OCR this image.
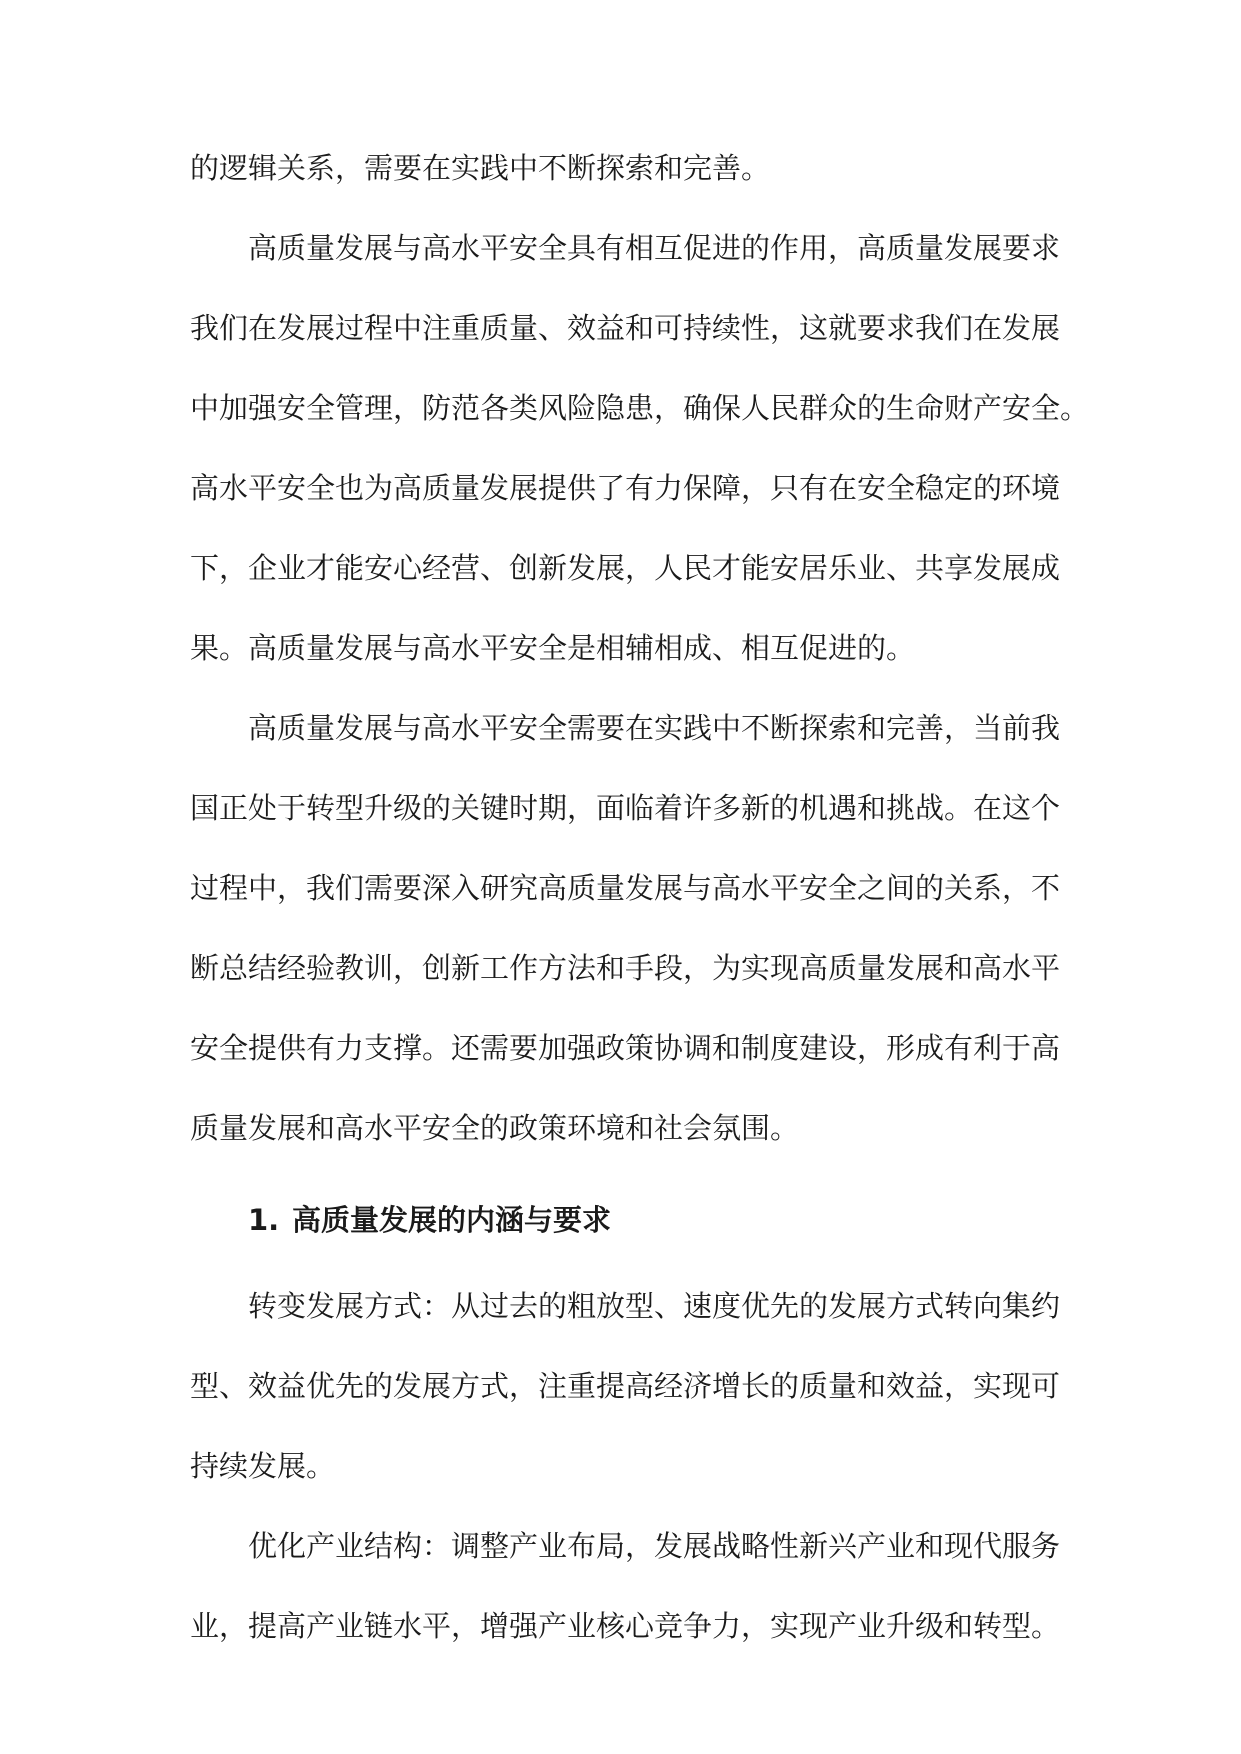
的逻辑关系，需要在实践中不断探索和完善。
高质量发展与高水平安全具有相互促进的作用，高质量发展要求
我们在发展过程中注重质量、效益和可持续性，这就要求我们在发展
中加强安全管理，防范各类风险隐患，确保人民群众的生命财产安全。
高水平安全也为高质量发展提供了有力保障，只有在安全稳定的环境
下，企业才能安心经营、创新发展，人民才能安居乐业、共享发展成
果。高质量发展与高水平安全是相辅相成、相互促进的。
高质量发展与高水平安全需要在实践中不断探索和完善，当前我
国正处于转型升级的关键时期，面临着许多新的机遇和挑战。在这个
过程中，我们需要深入研究高质量发展与高水平安全之间的关系，不
断总结经验教训，创新工作方法和手段，为实现高质量发展和高水平
安全提供有力支撑。还需要加强政策协调和制度建设，形成有利于高
质量发展和高水平安全的政策环境和社会氛围。
1. 高质量发展的内涵与要求
转变发展方式：从过去的粗放型、速度优先的发展方式转向集约
型、效益优先的发展方式，注重提高经济增长的质量和效益，实现可
持续发展。
优化产业结构：调整产业布局，发展战略性新兴产业和现代服务
业，提高产业链水平，增强产业核心竞争力，实现产业升级和转型。
